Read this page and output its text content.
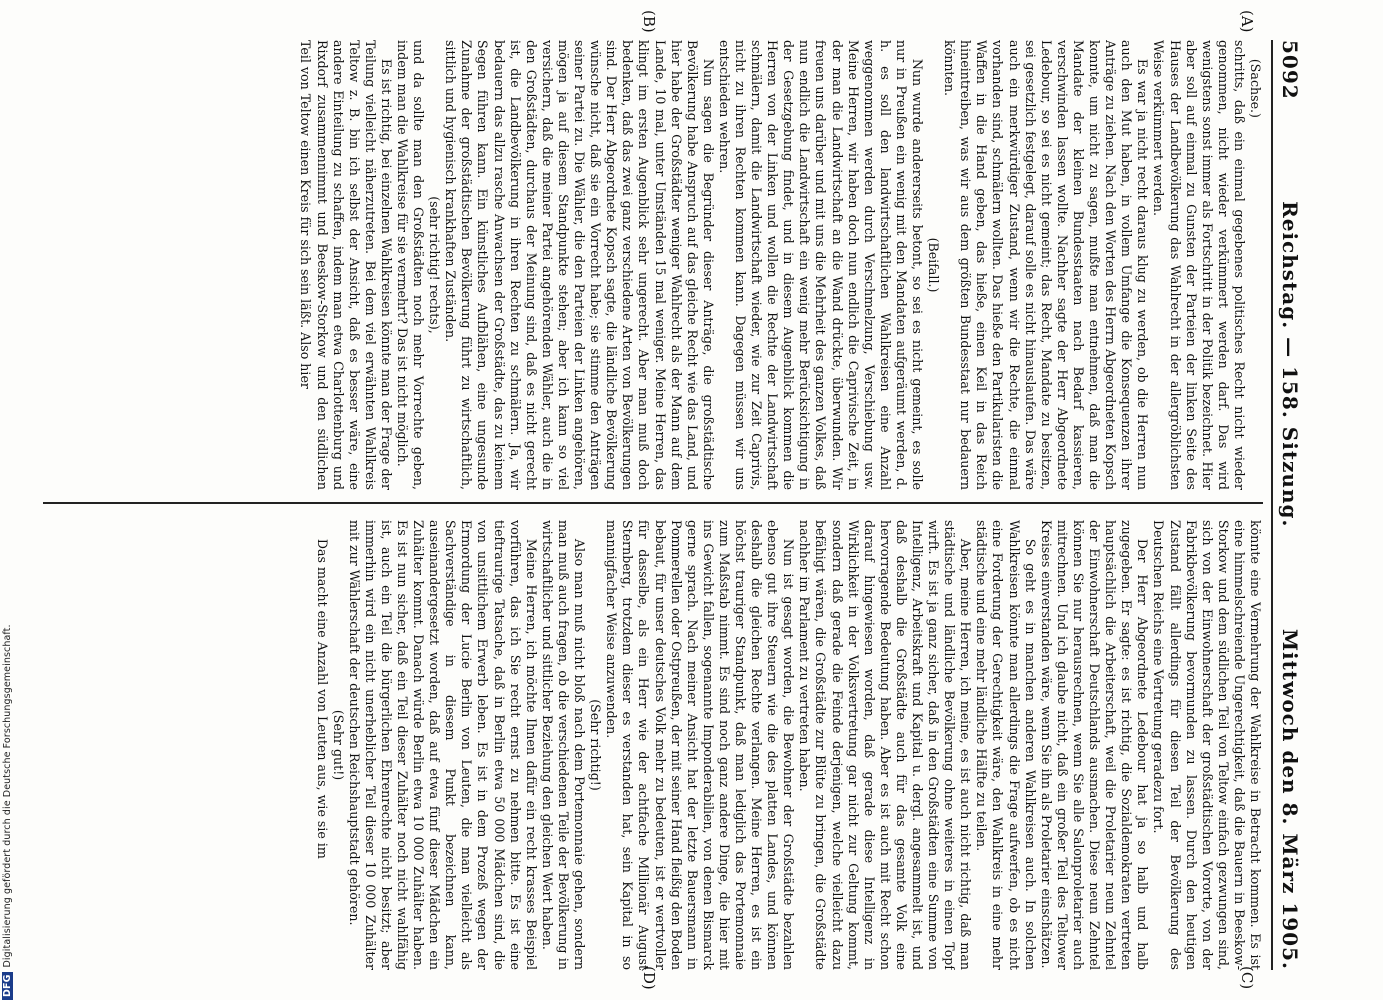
5092
Reichstag. — 158. Sitzung.
Mittwoch den 8. März 1905.
(A)
(B)
(C)
(D)

(Sachse.)

schritts, daß ein einmal gegebenes politisches Recht nicht wieder genommen, nicht wieder verkümmert werden darf. Das wird wenigstens sonst immer als Fortschritt in der Politik bezeichnet. Hier aber soll auf einmal zu Gunsten der Parteien der linken Seite des Hauses der Landbevölkerung das Wahlrecht in der allergröblichsten Weise verkümmert werden.

Es war ja nicht recht daraus klug zu werden, ob die Herren nun auch den Mut haben, in vollem Umfange die Konsequenzen ihrer Anträge zu ziehen. Nach den Worten des Herrn Abgeordneten Kopsch konnte, um nicht zu sagen, mußte man entnehmen, daß man die Mandate der kleinen Bundesstaaten nach Bedarf kassieren, verschwinden lassen wollte. Nachher sagte der Herr Abgeordnete Ledebour, so sei es nicht gemeint; das Recht, Mandate zu besitzen, sei gesetzlich festgelegt, darauf solle es nicht hinauslaufen. Das wäre auch ein merkwürdiger Zustand, wenn wir die Rechte, die einmal vorhanden sind, schmälern wollten. Das hieße den Partikularisten die Waffen in die Hand geben, das hieße, einen Keil in das Reich hineintreiben, was wir aus dem größten Bundesstaat nur bedauern könnten.

(Beifall.)

Nun wurde andererseits betont, so sei es nicht gemeint, es solle nur in Preußen ein wenig mit den Mandaten aufgeräumt werden, d. h. es soll den landwirtschaftlichen Wahlkreisen eine Anzahl weggenommen werden durch Verschmelzung, Verschiebung usw. Meine Herren, wir haben doch nun endlich die Caprivische Zeit, in der man die Landwirtschaft an die Wand drückte, überwunden. Wir freuen uns darüber und mit uns die Mehrheit des ganzen Volkes, daß nun endlich die Landwirtschaft ein wenig mehr Berücksichtigung in der Gesetzgebung findet, und in diesem Augenblick kommen die Herren von der Linken und wollen die Rechte der Landwirtschaft schmälern, damit die Landwirtschaft wieder, wie zur Zeit Caprivis, nicht zu ihren Rechten kommen kann. Dagegen müssen wir uns entschieden wehren.

Nun sagen die Begründer dieser Anträge, die großstädtische Bevölkerung habe Anspruch auf das gleiche Recht wie das Land, und hier habe der Großstädter weniger Wahlrecht als der Mann auf dem Lande, 10 mal, unter Umständen 15 mal weniger. Meine Herren, das klingt im ersten Augenblick sehr ungerecht. Aber man muß doch bedenken, daß das zwei ganz verschiedene Arten von Bevölkerungen sind. Der Herr Abgeordnete Kopsch sagte, die ländliche Bevölkerung wünsche nicht, daß sie ein Vorrecht habe; sie stimme den Anträgen seiner Partei zu. Die Wähler, die den Parteien der Linken angehören, mögen ja auf diesem Standpunkte stehen; aber ich kann so viel versichern, daß die meiner Partei angehörenden Wähler, auch die in den Großstädten, durchaus der Meinung sind, daß es nicht gerecht ist, die Landbevölkerung in ihren Rechten zu schmälern. Ja, wir bedauern das allzu rasche Anwachsen der Großstädte, das zu keinem Segen führen kann. Ein künstliches Aufblähen, eine ungesunde Zunahme der großstädtischen Bevölkerung führt zu wirtschaftlich, sittlich und hygienisch krankhaften Zuständen.

(sehr richtig! rechts),

und da sollte man den Großstädten noch mehr Vorrechte geben, indem man die Wahlkreise für sie vermehrt? Das ist nicht möglich.

Es ist richtig, bei einzelnen Wahlkreisen könnte man der Frage der Teilung vielleicht näherzutreten. Bei dem viel erwähnten Wahlkreis Teltow z. B. bin ich selbst der Ansicht, daß es besser wäre, eine andere Einteilung zu schaffen, indem man etwa Charlottenburg und Rixdorf zusammennimmt und Beeskow-Storkow und den südlichen Teil von Teltow einen Kreis für sich sein läßt. Also hier

könnte eine Vermehrung der Wahlkreise in Betracht kommen. Es ist eine himmelschreiende Ungerechtigkeit, daß die Bauern in Beeskow-Storkow und dem südlichen Teil von Teltow einfach gezwungen sind, sich von der Einwohnerschaft der großstädtischen Vororte, von der Fabrikbevölkerung bevormunden zu lassen. Durch den heutigen Zustand fällt allerdings für diesen Teil der Bevölkerung des Deutschen Reichs eine Vertretung geradezu fort.

Der Herr Abgeordnete Ledebour hat ja so halb und halb zugegeben. Er sagte: es ist richtig, die Sozialdemokraten vertreten hauptsächlich die Arbeiterschaft, weil die Proletarier neun Zehntel der Einwohnerschaft Deutschlands ausmachen. Diese neun Zehntel können Sie nur herausrechnen, wenn Sie alle Salonproletarier auch mitrechnen. Und ich glaube nicht, daß ein großer Teil des Teltower Kreises einverstanden wäre, wenn Sie ihn als Proletarier einschätzen.

So geht es in manchen anderen Wahlkreisen auch. In solchen Wahlkreisen könnte man allerdings die Frage aufwerfen, ob es nicht eine Forderung der Gerechtigkeit wäre, den Wahlkreis in eine mehr städtische und eine mehr ländliche Hälfte zu teilen.

Aber, meine Herren, ich meine, es ist auch nicht richtig, daß man städtische und ländliche Bevölkerung ohne weiteres in einen Topf wirft. Es ist ja ganz sicher, daß in den Großstädten eine Summe von Intelligenz, Arbeitskraft und Kapital u. dergl. angesammelt ist, und daß deshalb die Großstädte auch für das gesamte Volk eine hervorragende Bedeutung haben. Aber es ist auch mit Recht schon darauf hingewiesen worden, daß gerade diese Intelligenz in Wirklichkeit in der Volksvertretung gar nicht zur Geltung kommt, sondern daß gerade die Feinde derjenigen, welche vielleicht dazu befähigt wären, die Großstädte zur Blüte zu bringen, die Großstädte nachher im Parlament zu vertreten haben.

Nun ist gesagt worden, die Bewohner der Großstädte bezahlen ebenso gut ihre Steuern wie die des platten Landes, und können deshalb die gleichen Rechte verlangen. Meine Herren, es ist ein höchst trauriger Standpunkt, daß man lediglich das Portemonnaie zum Maßstab nimmt. Es sind noch ganz andere Dinge, die hier mit ins Gewicht fallen, sogenannte Imponderabilien, von denen Bismarck gerne sprach. Nach meiner Ansicht hat der letzte Bauersmann in Pommerellen oder Ostpreußen, der mit seiner Hand fleißig den Boden bebaut, für unser deutsches Volk mehr zu bedeuten, ist er wertvoller für dasselbe, als ein Herr wie der achtfache Millionär August Sternberg, trotzdem dieser es verstanden hat, sein Kapital in so mannigfacher Weise anzuwenden.

(Sehr richtig!)

Also man muß nicht bloß nach dem Portemonnaie gehen, sondern man muß auch fragen, ob die verschiedenen Teile der Bevölkerung in wirtschaftlicher und sittlicher Beziehung den gleichen Wert haben.

Meine Herren, ich möchte Ihnen dafür ein recht krasses Beispiel vorführen, das ich Sie recht ernst zu nehmen bitte. Es ist eine tieftraurige Tatsache, daß in Berlin etwa 50 000 Mädchen sind, die von unsittlichem Erwerb leben. Es ist in dem Prozeß wegen der Ermordung der Lucie Berlin von Leuten, die man vielleicht als Sachverständige in diesem Punkt bezeichnen kann, auseinandergesetzt worden, daß auf etwa fünf dieser Mädchen ein Zuhälter kommt. Danach würde Berlin etwa 10 000 Zuhälter haben. Es ist nun sicher, daß ein Teil dieser Zuhälter noch nicht wahlfähig ist, auch ein Teil die bürgerlichen Ehrenrechte nicht besitzt; aber immerhin wird ein nicht unerheblicher Teil dieser 10 000 Zuhälter mit zur Wählerschaft der deutschen Reichshauptstadt gehören.

(Sehr gut!)

Das macht eine Anzahl von Leuten aus, wie sie im

DFGDigitalisierung gefördert durch die Deutsche Forschungsgemeinschaft.
